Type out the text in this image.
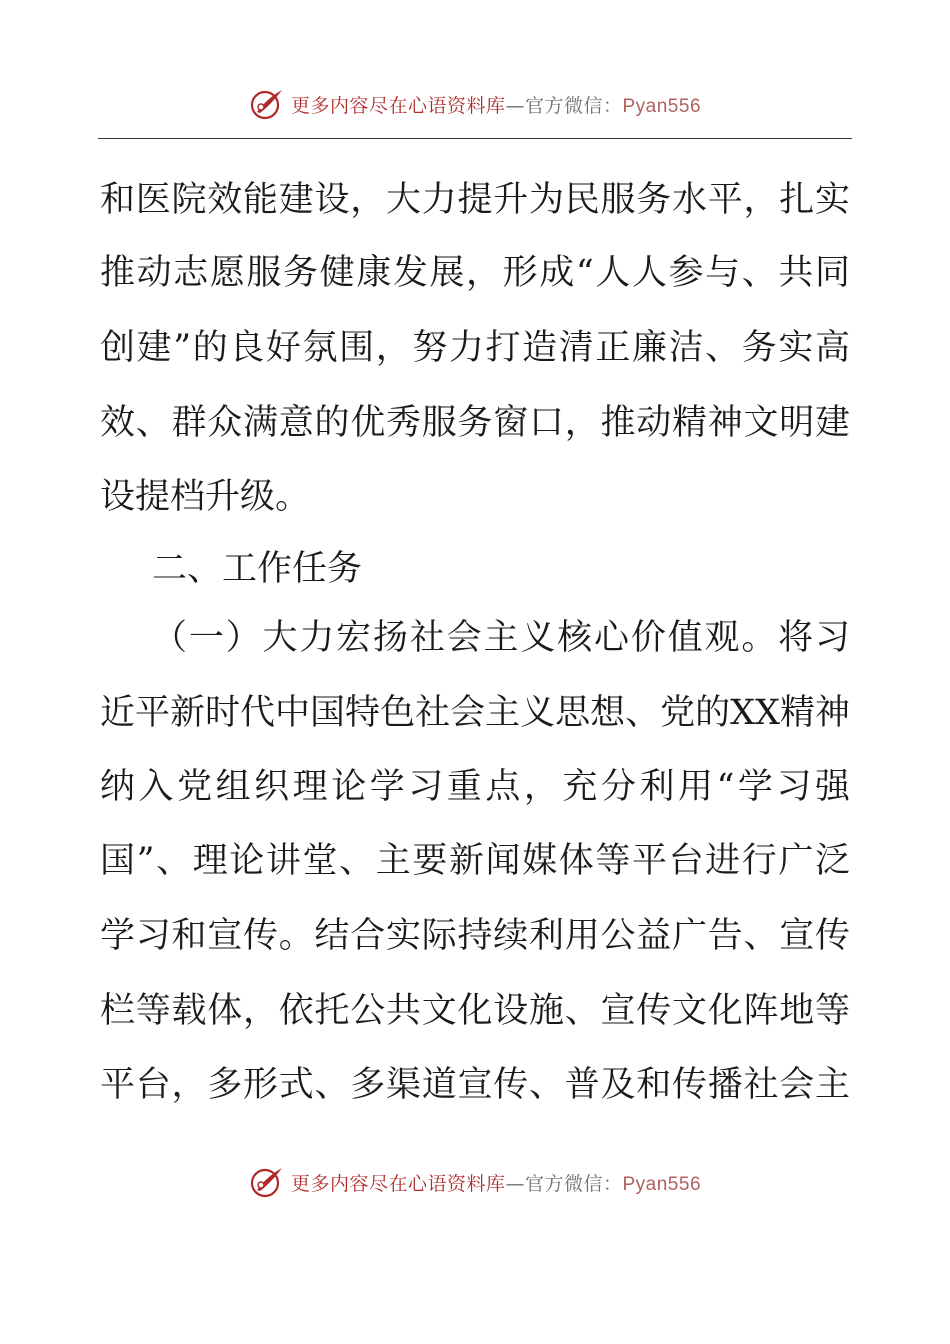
更多内容尽在心语资料库—官方微信：Pyan556
和医院效能建设，大力提升为民服务水平，扎实
推动志愿服务健康发展，形成“人人参与、共同
创建”的良好氛围，努力打造清正廉洁、务实高
效、群众满意的优秀服务窗口，推动精神文明建
设提档升级。
二、工作任务
（一）大力宏扬社会主义核心价值观。将习
近平新时代中国特色社会主义思想、党的XX精神
纳入党组织理论学习重点，充分利用“学习强
国”、理论讲堂、主要新闻媒体等平台进行广泛
学习和宣传。结合实际持续利用公益广告、宣传
栏等载体，依托公共文化设施、宣传文化阵地等
平台，多形式、多渠道宣传、普及和传播社会主
更多内容尽在心语资料库—官方微信：Pyan556
